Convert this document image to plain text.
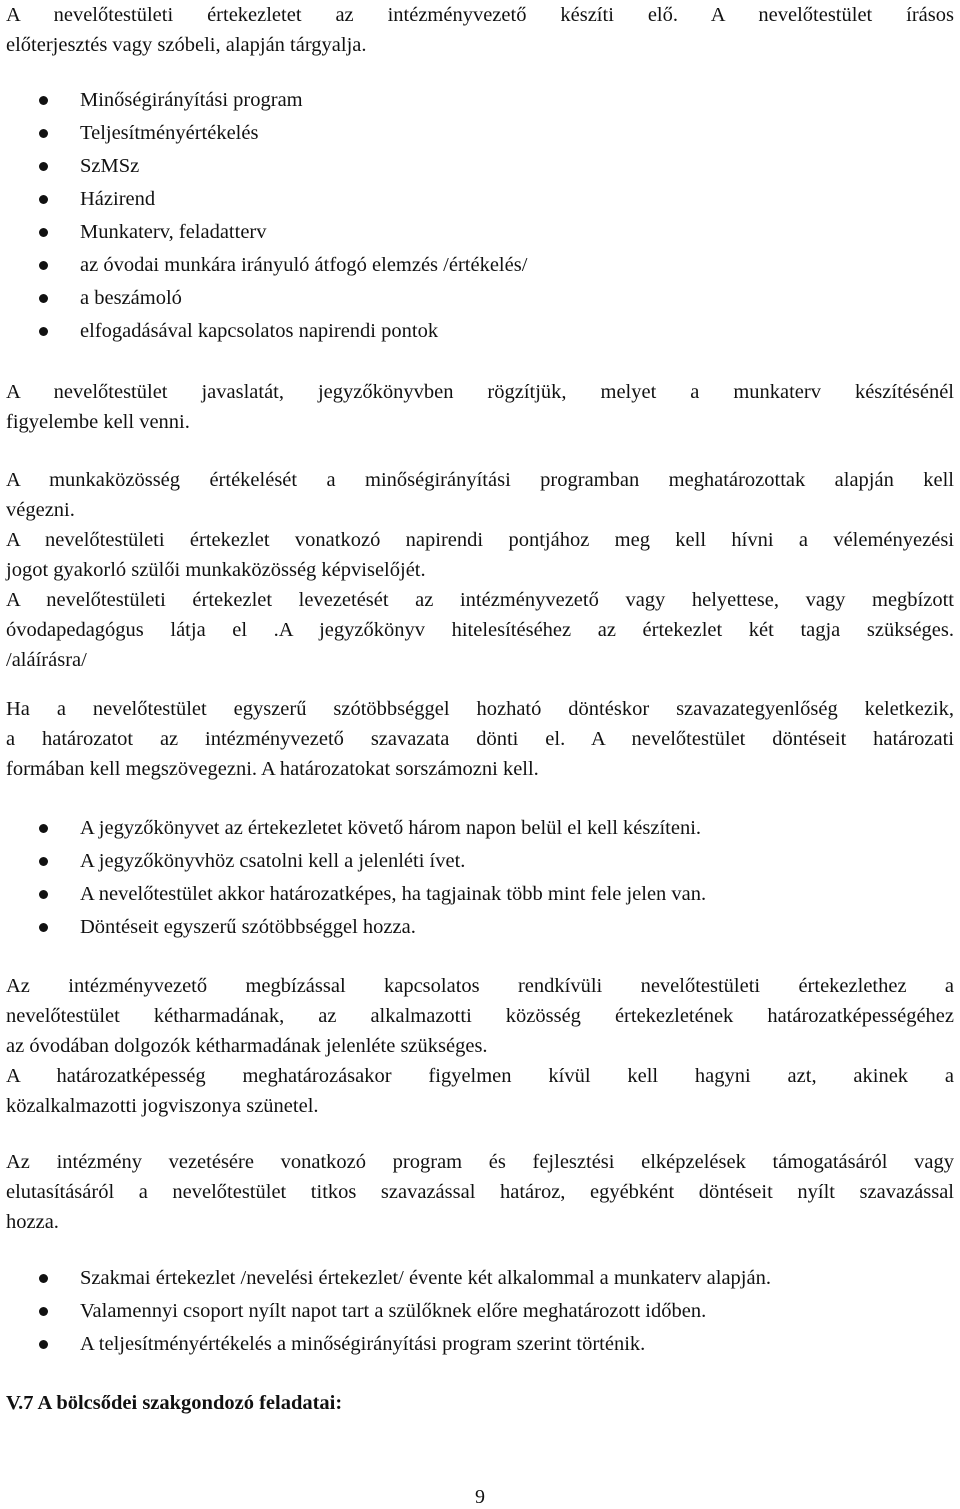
A nevelőtestületi értekezletet az intézményvezető készíti elő. A nevelőtestület írásos

előterjesztés vagy szóbeli, alapján tárgyalja.

Minőségirányítási program
Teljesítményértékelés
SzMSz
Házirend
Munkaterv, feladatterv
az óvodai munkára irányuló átfogó elemzés /értékelés/
a beszámoló
elfogadásával kapcsolatos napirendi pontok

A nevelőtestület javaslatát, jegyzőkönyvben rögzítjük, melyet a munkaterv készítésénél

figyelembe kell venni.

A munkaközösség értékelését a minőségirányítási programban meghatározottak alapján kell

végezni.

A nevelőtestületi értekezlet vonatkozó napirendi pontjához meg kell hívni a véleményezési

jogot gyakorló szülői munkaközösség képviselőjét.

A nevelőtestületi értekezlet levezetését az intézményvezető vagy helyettese, vagy megbízott

óvodapedagógus látja el .A jegyzőkönyv hitelesítéséhez az értekezlet két tagja szükséges.

/aláírásra/

Ha a nevelőtestület egyszerű szótöbbséggel hozható döntéskor szavazategyenlőség keletkezik,

a határozatot az intézményvezető szavazata dönti el. A nevelőtestület döntéseit határozati

formában kell megszövegezni. A határozatokat sorszámozni kell.

A jegyzőkönyvet az értekezletet követő három napon belül el kell készíteni.
A jegyzőkönyvhöz csatolni kell a jelenléti ívet.
A nevelőtestület akkor határozatképes, ha tagjainak több mint fele jelen van.
Döntéseit egyszerű szótöbbséggel hozza.

Az intézményvezető megbízással kapcsolatos rendkívüli nevelőtestületi értekezlethez a

nevelőtestület kétharmadának, az alkalmazotti közösség értekezletének határozatképességéhez

az óvodában dolgozók kétharmadának jelenléte szükséges.

A határozatképesség meghatározásakor figyelmen kívül kell hagyni azt, akinek a

közalkalmazotti jogviszonya szünetel.

Az intézmény vezetésére vonatkozó program és fejlesztési elképzelések támogatásáról vagy

elutasításáról a nevelőtestület titkos szavazással határoz, egyébként döntéseit nyílt szavazással

hozza.

Szakmai értekezlet /nevelési értekezlet/ évente két alkalommal a munkaterv alapján.
Valamennyi csoport nyílt napot tart a szülőknek előre meghatározott időben.
A teljesítményértékelés a minőségirányítási program szerint történik.
V.7 A bölcsődei szakgondozó feladatai:
9
